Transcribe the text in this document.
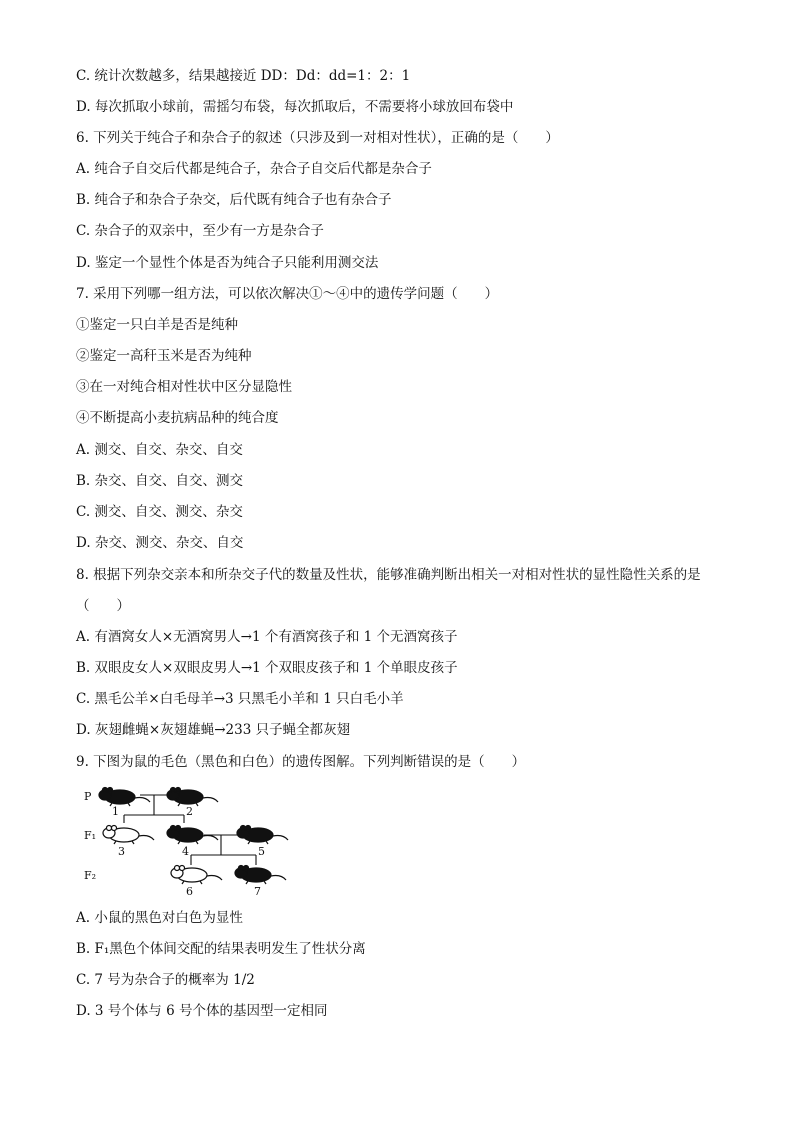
C. 统计次数越多，结果越接近 DD：Dd：dd=1：2：1
D. 每次抓取小球前，需摇匀布袋，每次抓取后，不需要将小球放回布袋中
6. 下列关于纯合子和杂合子的叙述（只涉及到一对相对性状），正确的是（　　）
A. 纯合子自交后代都是纯合子，杂合子自交后代都是杂合子
B. 纯合子和杂合子杂交，后代既有纯合子也有杂合子
C. 杂合子的双亲中，至少有一方是杂合子
D. 鉴定一个显性个体是否为纯合子只能利用测交法
7. 采用下列哪一组方法，可以依次解决①～④中的遗传学问题（　　）
①鉴定一只白羊是否是纯种
②鉴定一高秆玉米是否为纯种
③在一对纯合相对性状中区分显隐性
④不断提高小麦抗病品种的纯合度
A. 测交、自交、杂交、自交
B. 杂交、自交、自交、测交
C. 测交、自交、测交、杂交
D. 杂交、测交、杂交、自交
8. 根据下列杂交亲本和所杂交子代的数量及性状，能够准确判断出相关一对相对性状的显性隐性关系的是
（　　）
A. 有酒窝女人×无酒窝男人→1 个有酒窝孩子和 1 个无酒窝孩子
B. 双眼皮女人×双眼皮男人→1 个双眼皮孩子和 1 个单眼皮孩子
C. 黑毛公羊×白毛母羊→3 只黑毛小羊和 1 只白毛小羊
D. 灰翅雌蝇×灰翅雄蝇→233 只子蝇全都灰翅
9. 下图为鼠的毛色（黑色和白色）的遗传图解。下列判断错误的是（　　）
P
F₁
F₂
1	2
3	4	5
6	7
A. 小鼠的黑色对白色为显性
B. F₁黑色个体间交配的结果表明发生了性状分离
C. 7 号为杂合子的概率为 1/2
D. 3 号个体与 6 号个体的基因型一定相同
